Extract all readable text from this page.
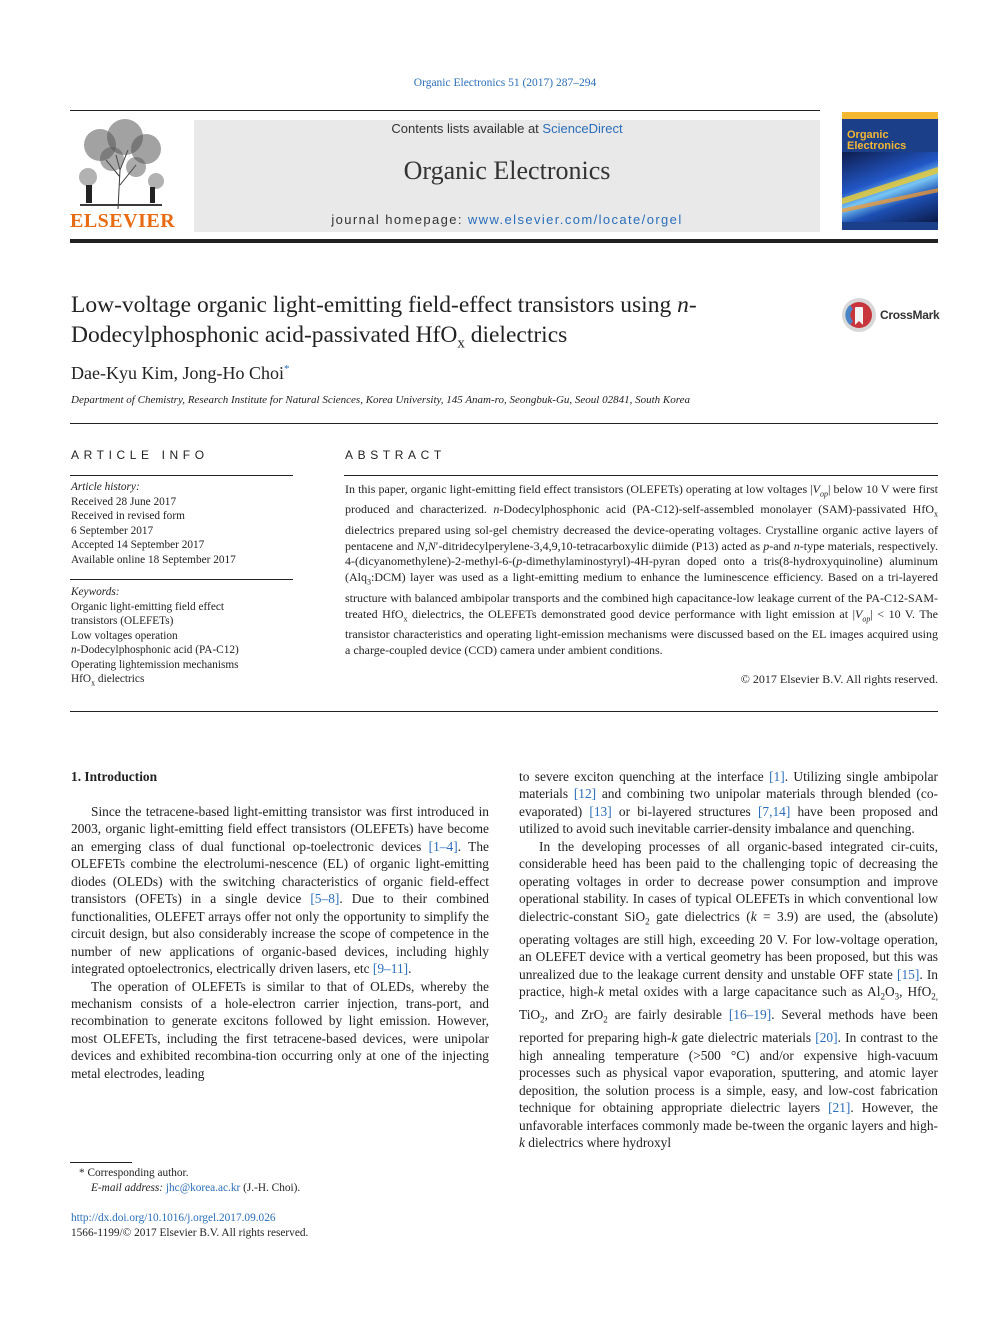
Organic Electronics 51 (2017) 287–294
ELSEVIER
Contents lists available at ScienceDirect
Organic Electronics
journal homepage: www.elsevier.com/locate/orgel
Organic Electronics
Low-voltage organic light-emitting field-effect transistors using n-
Dodecylphosphonic acid-passivated HfO$_x$ dielectrics
CrossMark
Dae-Kyu Kim, Jong-Ho Choi*
Department of Chemistry, Research Institute for Natural Sciences, Korea University, 145 Anam-ro, Seongbuk-Gu, Seoul 02841, South Korea
ARTICLE INFO
Article history:
Received 28 June 2017
Received in revised form
6 September 2017
Accepted 14 September 2017
Available online 18 September 2017
Keywords:
Organic light-emitting field effect
transistors (OLEFETs)
Low voltages operation
n-Dodecylphosphonic acid (PA-C12)
Operating lightemission mechanisms
HfO$_x$ dielectrics
ABSTRACT
In this paper, organic light-emitting field effect transistors (OLEFETs) operating at low voltages $|V_{op}|$ below 10 V were first produced and characterized. n-Dodecylphosphonic acid (PA-C12)-self-assembled monolayer (SAM)-passivated HfO$_x$ dielectrics prepared using sol-gel chemistry decreased the device-operating voltages. Crystalline organic active layers of pentacene and N,N′-ditridecylperylene-3,4,9,10-tetracarboxylic diimide (P13) acted as p-and n-type materials, respectively. 4-(dicyanomethylene)-2-methyl-6-(p-dimethylaminostyryl)-4H-pyran doped onto a tris(8-hydroxyquinoline) aluminum (Alq$_3$:DCM) layer was used as a light-emitting medium to enhance the luminescence efficiency. Based on a tri-layered structure with balanced ambipolar transports and the combined high capacitance-low leakage current of the PA-C12-SAM-treated HfO$_x$ dielectrics, the OLEFETs demonstrated good device performance with light emission at $|V_{op}| < 10$ V. The transistor characteristics and operating light-emission mechanisms were discussed based on the EL images acquired using a charge-coupled device (CCD) camera under ambient conditions.
© 2017 Elsevier B.V. All rights reserved.
1. Introduction

Since the tetracene-based light-emitting transistor was first introduced in 2003, organic light-emitting field effect transistors (OLEFETs) have become an emerging class of dual functional op-toelectronic devices [1–4]. The OLEFETs combine the electrolumi-nescence (EL) of organic light-emitting diodes (OLEDs) with the switching characteristics of organic field-effect transistors (OFETs) in a single device [5–8]. Due to their combined functionalities, OLEFET arrays offer not only the opportunity to simplify the circuit design, but also considerably increase the scope of competence in the number of new applications of organic-based devices, including highly integrated optoelectronics, electrically driven lasers, etc [9–11].

The operation of OLEFETs is similar to that of OLEDs, whereby the mechanism consists of a hole-electron carrier injection, trans-port, and recombination to generate excitons followed by light emission. However, most OLEFETs, including the first tetracene-based devices, were unipolar devices and exhibited recombina-tion occurring only at one of the injecting metal electrodes, leading

* Corresponding author.
E-mail address: jhc@korea.ac.kr (J.-H. Choi).
http://dx.doi.org/10.1016/j.orgel.2017.09.026
1566-1199/© 2017 Elsevier B.V. All rights reserved.

to severe exciton quenching at the interface [1]. Utilizing single ambipolar materials [12] and combining two unipolar materials through blended (co-evaporated) [13] or bi-layered structures [7,14] have been proposed and utilized to avoid such inevitable carrier-density imbalance and quenching.

In the developing processes of all organic-based integrated cir-cuits, considerable heed has been paid to the challenging topic of decreasing the operating voltages in order to decrease power consumption and improve operational stability. In cases of typical OLEFETs in which conventional low dielectric-constant SiO$_2$ gate dielectrics (k = 3.9) are used, the (absolute) operating voltages are still high, exceeding 20 V. For low-voltage operation, an OLEFET device with a vertical geometry has been proposed, but this was unrealized due to the leakage current density and unstable OFF state [15]. In practice, high-k metal oxides with a large capacitance such as $Al_2O_3$, HfO$_{2,}$ TiO$_2$, and ZrO$_2$ are fairly desirable [16–19]. Several methods have been reported for preparing high-k gate dielectric materials [20]. In contrast to the high annealing temperature (>500 °C) and/or expensive high-vacuum processes such as physical vapor evaporation, sputtering, and atomic layer deposition, the solution process is a simple, easy, and low-cost fabrication technique for obtaining appropriate dielectric layers [21]. However, the unfavorable interfaces commonly made be-tween the organic layers and high-k dielectrics where hydroxyl
